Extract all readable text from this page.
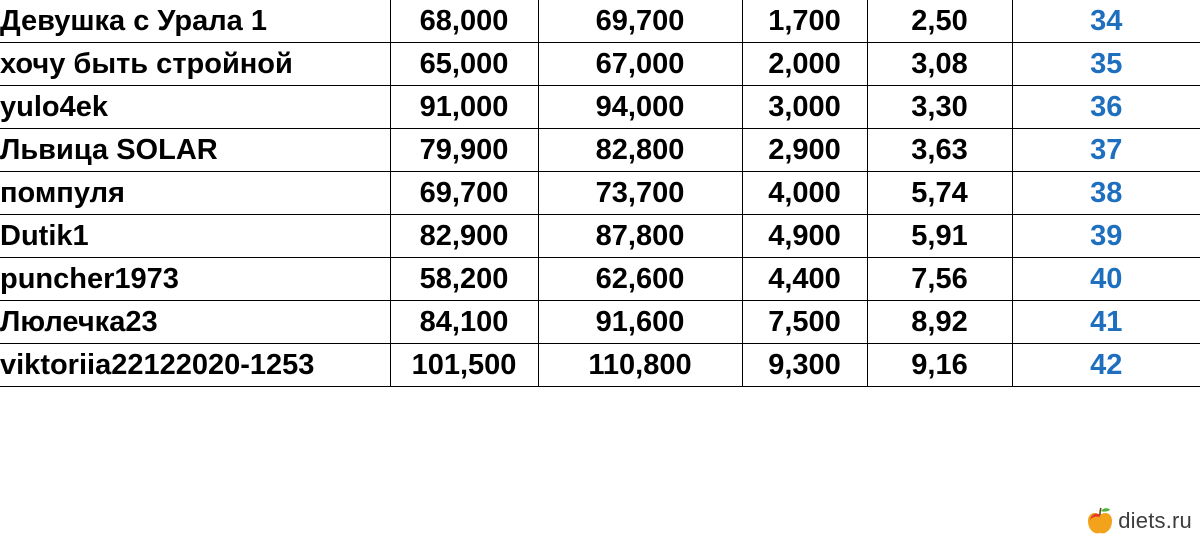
Девушка с Урала 1	68,000	69,700	1,700	2,50	34
хочу быть стройной	65,000	67,000	2,000	3,08	35
yulo4ek	91,000	94,000	3,000	3,30	36
Львица SOLAR	79,900	82,800	2,900	3,63	37
помпуля	69,700	73,700	4,000	5,74	38
Dutik1	82,900	87,800	4,900	5,91	39
puncher1973	58,200	62,600	4,400	7,56	40
Люлечка23	84,100	91,600	7,500	8,92	41
viktoriia22122020-1253	101,500	110,800	9,300	9,16	42
diets.ru
